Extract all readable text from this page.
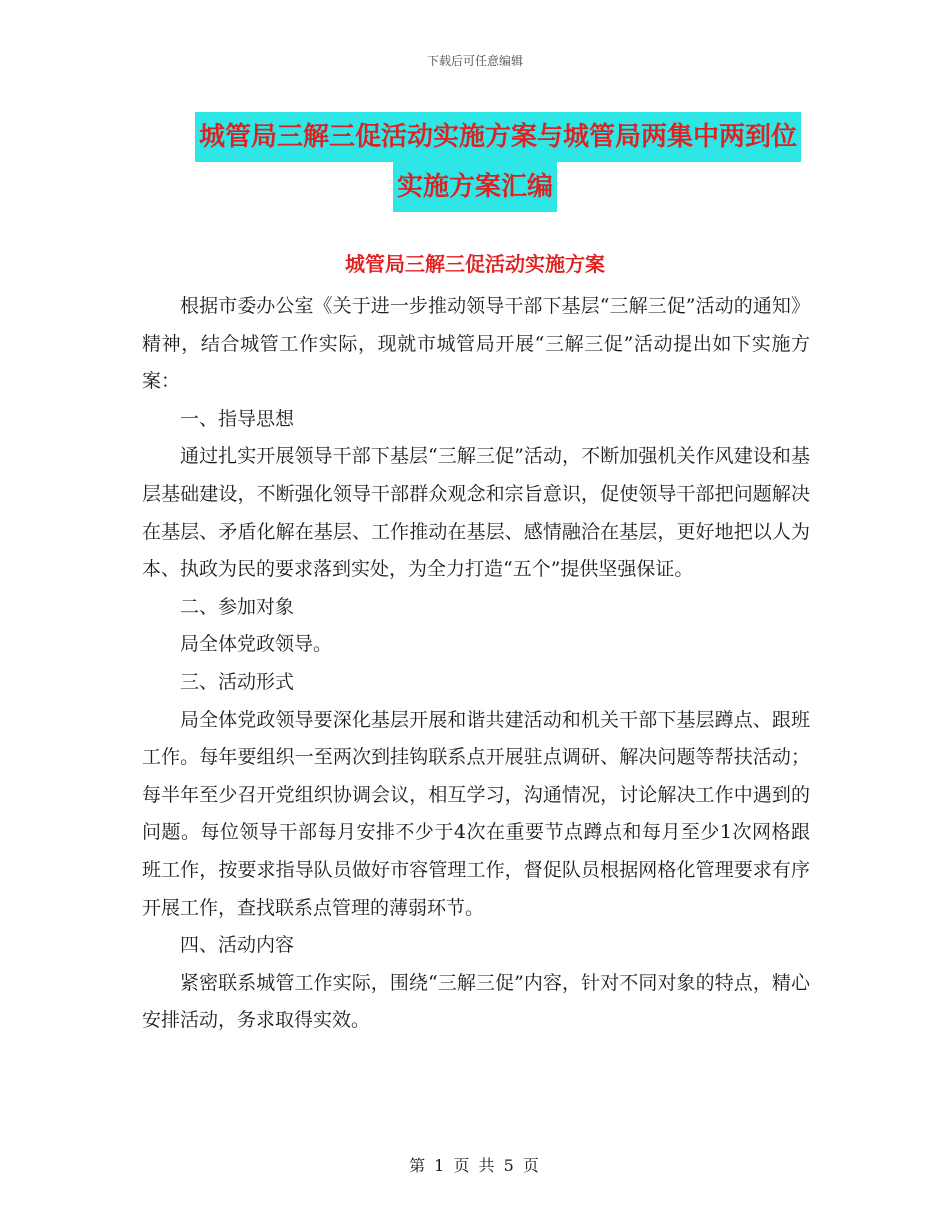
下载后可任意编辑
城管局三解三促活动实施方案与城管局两集中两到位
实施方案汇编
城管局三解三促活动实施方案

根据市委办公室《关于进一步推动领导干部下基层“三解三促”活动的通知》精神，结合城管工作实际，现就市城管局开展“三解三促”活动提出如下实施方案：

一、指导思想

通过扎实开展领导干部下基层“三解三促”活动，不断加强机关作风建设和基层基础建设，不断强化领导干部群众观念和宗旨意识，促使领导干部把问题解决在基层、矛盾化解在基层、工作推动在基层、感情融洽在基层，更好地把以人为本、执政为民的要求落到实处，为全力打造“五个”提供坚强保证。

二、参加对象

局全体党政领导。

三、活动形式

局全体党政领导要深化基层开展和谐共建活动和机关干部下基层蹲点、跟班工作。每年要组织一至两次到挂钩联系点开展驻点调研、解决问题等帮扶活动；每半年至少召开党组织协调会议，相互学习，沟通情况，讨论解决工作中遇到的问题。每位领导干部每月安排不少于4次在重要节点蹲点和每月至少1次网格跟班工作，按要求指导队员做好市容管理工作，督促队员根据网格化管理要求有序开展工作，查找联系点管理的薄弱环节。

四、活动内容

紧密联系城管工作实际，围绕“三解三促”内容，针对不同对象的特点，精心安排活动，务求取得实效。

第 1 页 共 5 页
